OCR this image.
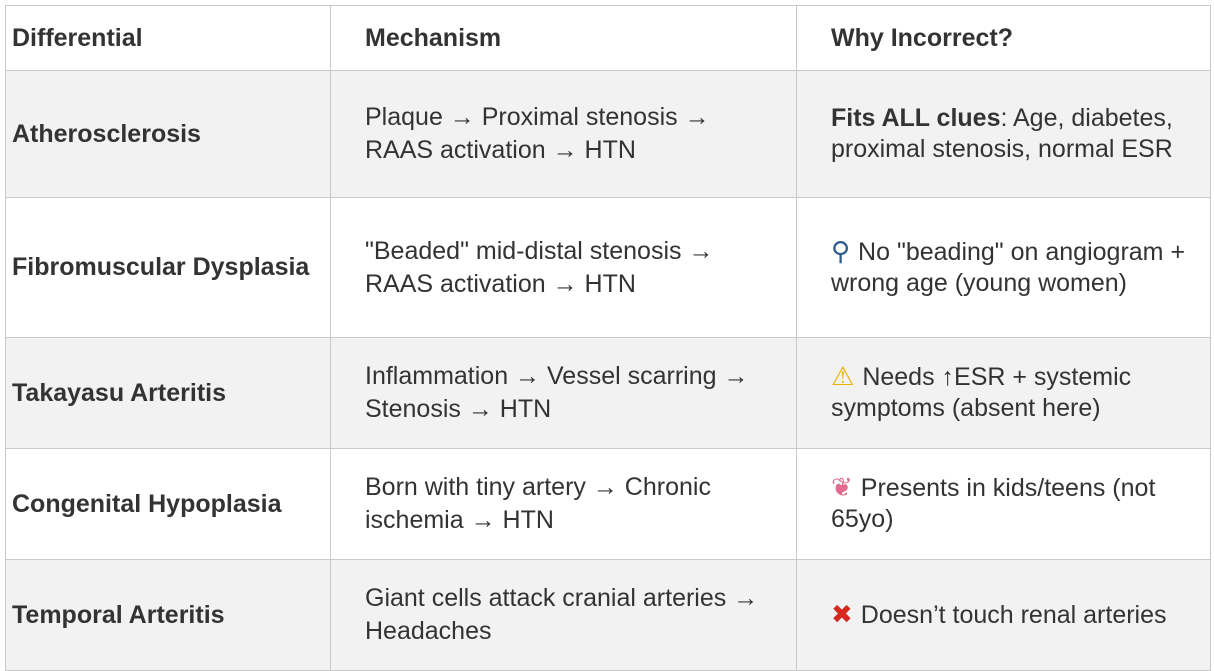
Differential	Mechanism	Why Incorrect?
Atherosclerosis	Plaque → Proximal stenosis → RAAS activation → HTN	Fits ALL clues: Age, diabetes, proximal stenosis, normal ESR
Fibromuscular Dysplasia	"Beaded" mid-distal stenosis → RAAS activation → HTN	⚲ No "beading" on angiogram + wrong age (young women)
Takayasu Arteritis	Inflammation → Vessel scarring → Stenosis → HTN	⚠ Needs ↑ESR + systemic symptoms (absent here)
Congenital Hypoplasia	Born with tiny artery → Chronic ischemia → HTN	❦ Presents in kids/teens (not 65yo)
Temporal Arteritis	Giant cells attack cranial arteries → Headaches	✖ Doesn’t touch renal arteries
